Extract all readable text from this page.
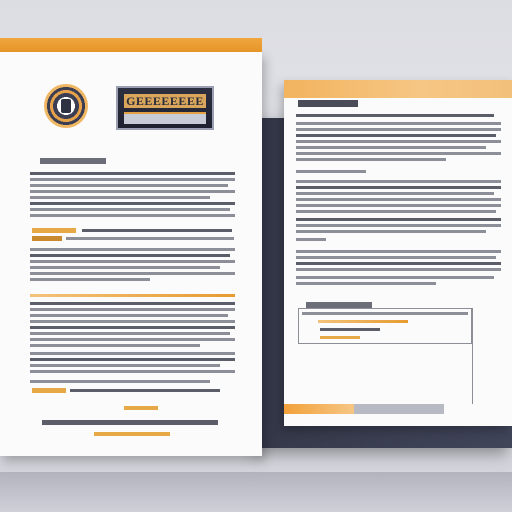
GEEEEEEEE
